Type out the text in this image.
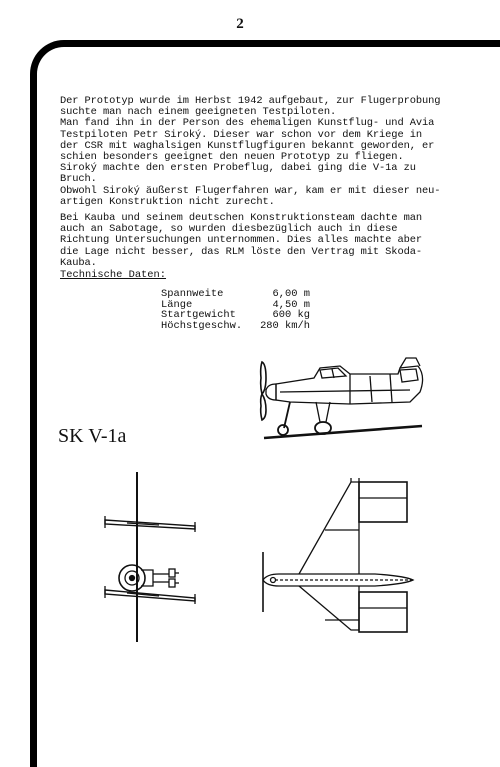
2
Der Prototyp wurde im Herbst 1942 aufgebaut, zur Flugerprobung
suchte man nach einem geeigneten Testpiloten.
Man fand ihn in der Person des ehemaligen Kunstflug- und Avia
Testpiloten Petr Siroký. Dieser war schon vor dem Kriege in
der CSR mit waghalsigen Kunstflugfiguren bekannt geworden, er
schien besonders geeignet den neuen Prototyp zu fliegen.
Siroký machte den ersten Probeflug, dabei ging die V-1a zu
Bruch.
Obwohl Siroký äußerst Flugerfahren war, kam er mit dieser neu-
artigen Konstruktion nicht zurecht.
Bei Kauba und seinem deutschen Konstruktionsteam dachte man
auch an Sabotage, so wurden diesbezüglich auch in diese
Richtung Untersuchungen unternommen. Dies alles machte aber
die Lage nicht besser, das RLM löste den Vertrag mit Skoda-
Kauba.
Technische Daten:
Spannweite	6,00 m
Länge	4,50 m
Startgewicht	600 kg
Höchstgeschw.	280 km/h
SK V-1a
